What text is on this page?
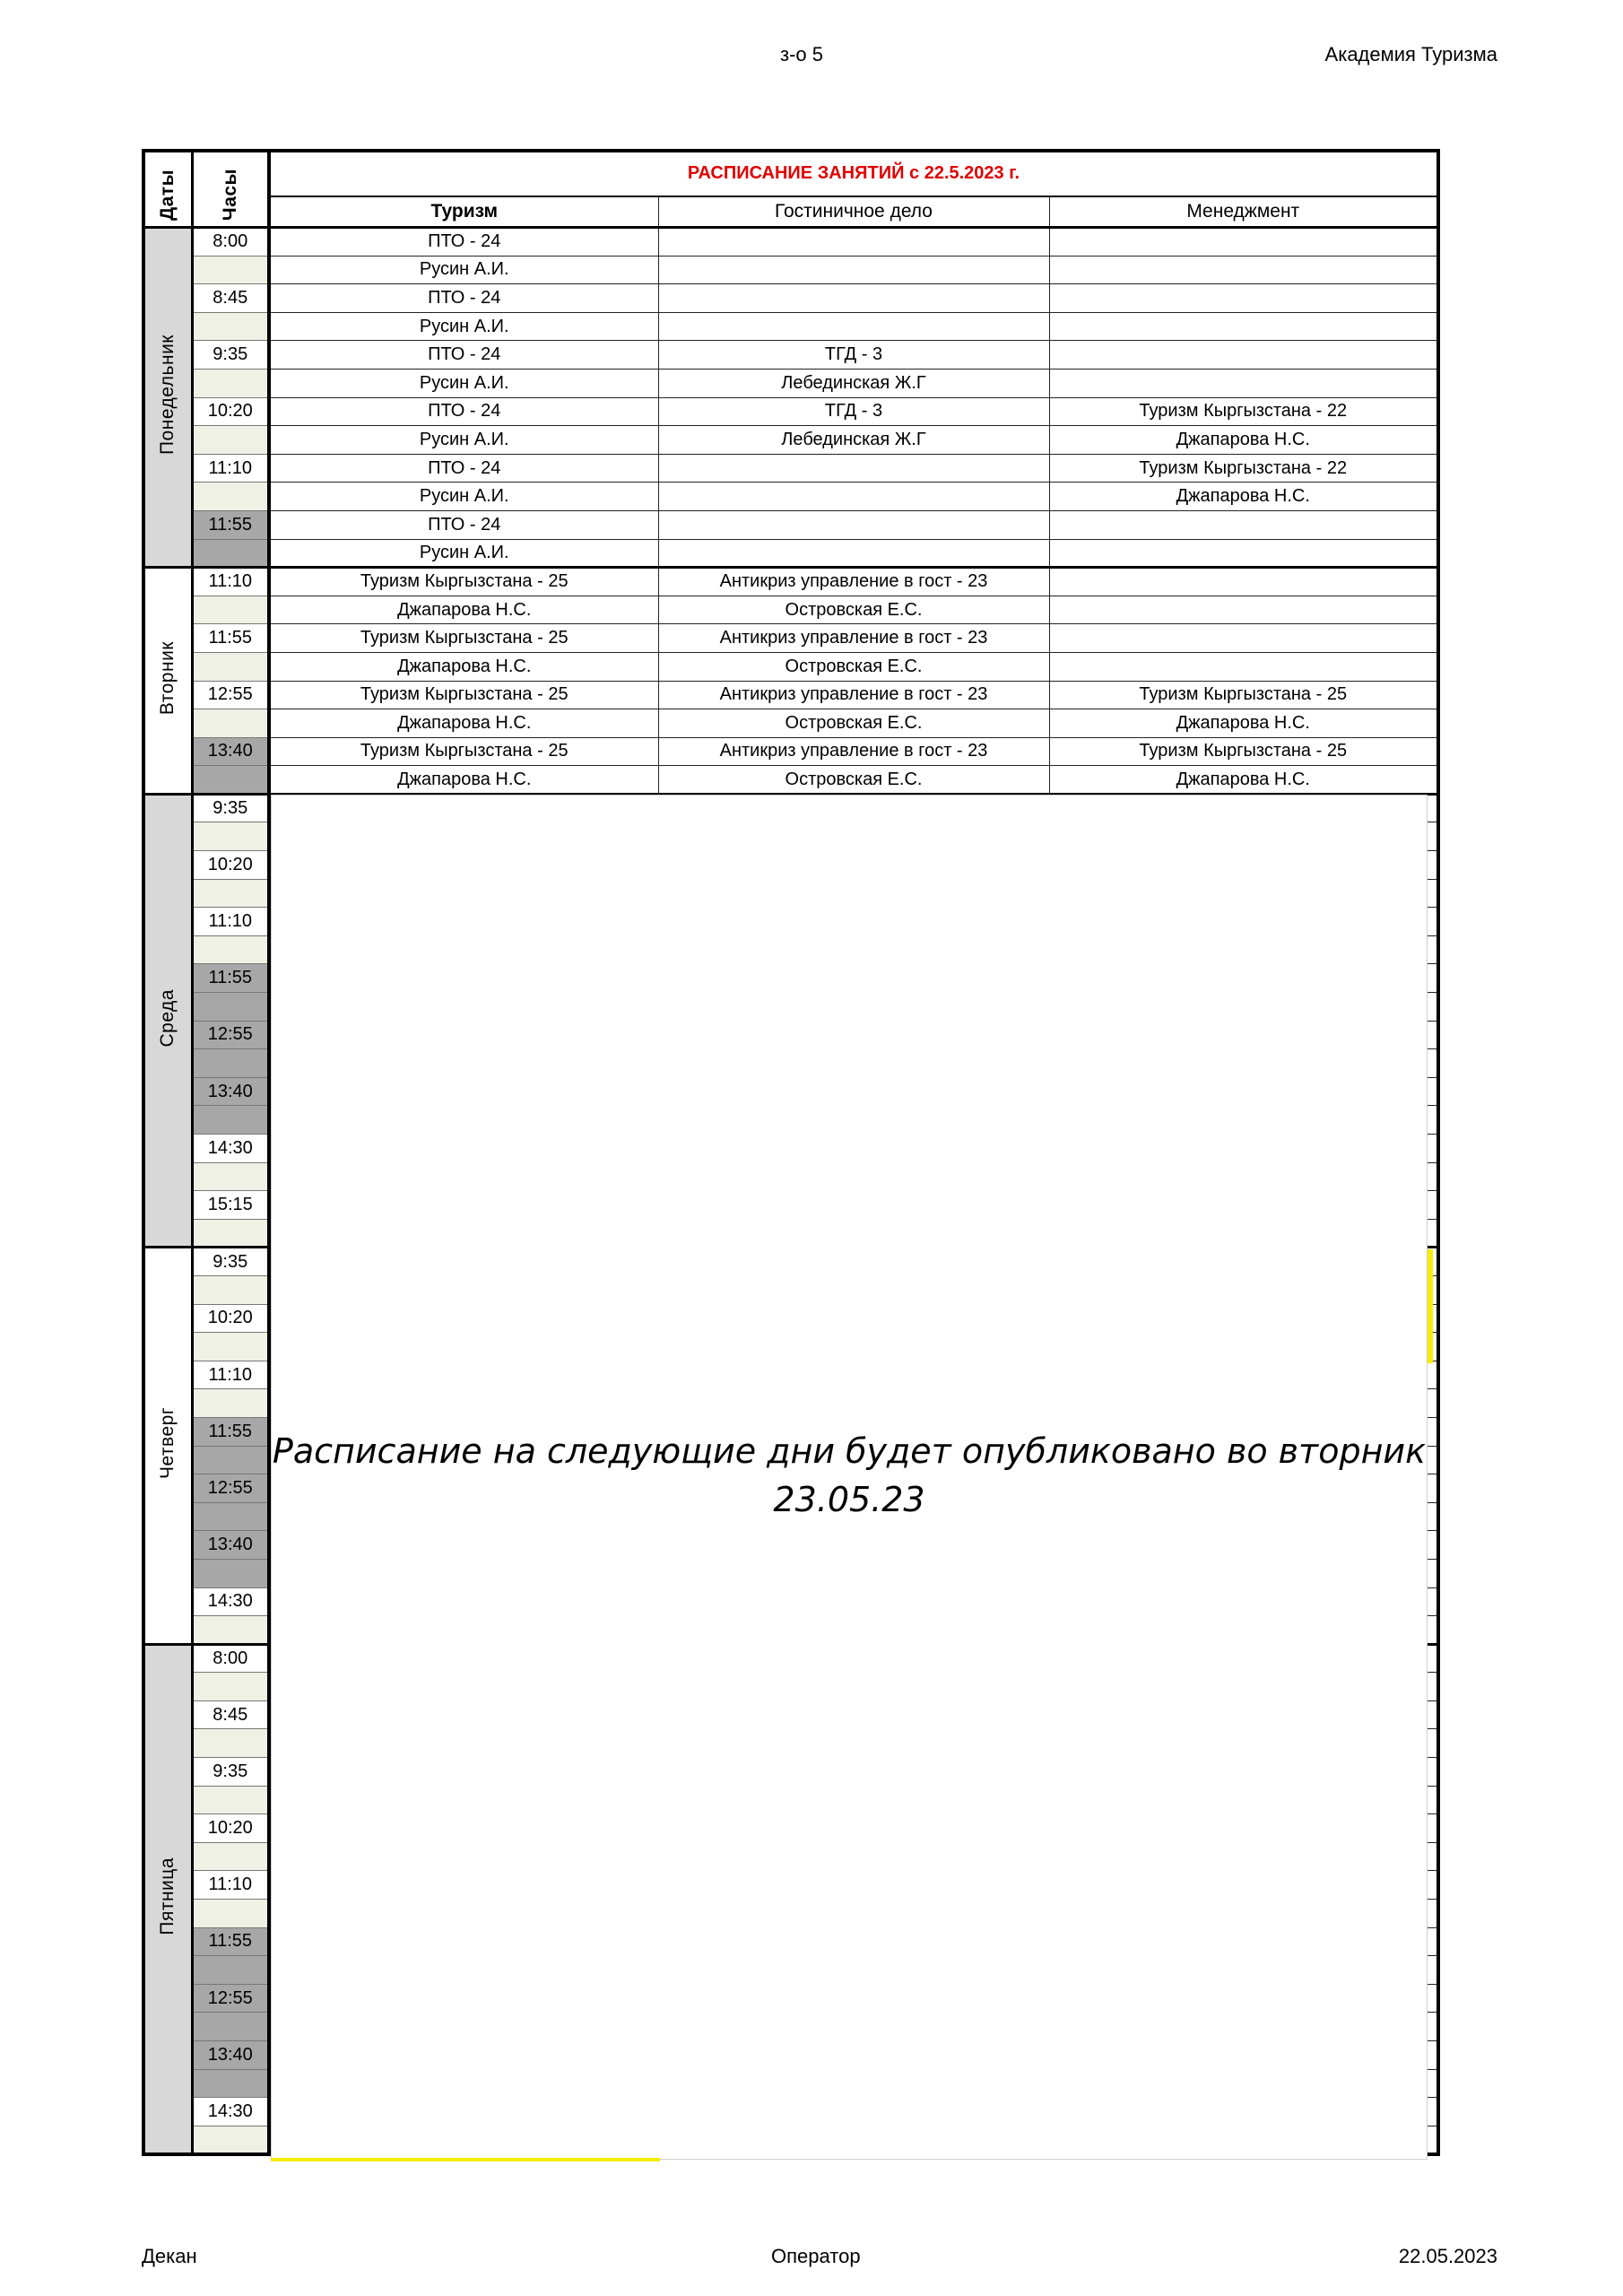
з-о 5	Академия Туризма
Даты	Часы	РАСПИСАНИЕ ЗАНЯТИЙ с 22.5.2023 г.		
		Туризм	Гостиничное дело	Менеджмент
Понедельник	8:00	ПТО - 24		
		Русин А.И.		
	8:45	ПТО - 24		
		Русин А.И.		
	9:35	ПТО - 24	ТГД - 3	
		Русин А.И.	Лебединская Ж.Г	
	10:20	ПТО - 24	ТГД - 3	Туризм Кыргызстана - 22
		Русин А.И.	Лебединская Ж.Г	Джапарова Н.С.
	11:10	ПТО - 24		Туризм Кыргызстана - 22
		Русин А.И.		Джапарова Н.С.
	11:55	ПТО - 24		
		Русин А.И.		
Вторник	11:10	Туризм Кыргызстана - 25	Антикриз управление в гост - 23	
		Джапарова Н.С.	Островская Е.С.	
	11:55	Туризм Кыргызстана - 25	Антикриз управление в гост - 23	
		Джапарова Н.С.	Островская Е.С.	
	12:55	Туризм Кыргызстана - 25	Антикриз управление в гост - 23	Туризм Кыргызстана - 25
		Джапарова Н.С.	Островская Е.С.	Джапарова Н.С.
	13:40	Туризм Кыргызстана - 25	Антикриз управление в гост - 23	Туризм Кыргызстана - 25
		Джапарова Н.С.	Островская Е.С.	Джапарова Н.С.
Среда	9:35			

	10:20			

	11:10			

	11:55			

	12:55			

	13:40			

	14:30			

	15:15			

Четверг	9:35			

	10:20			

	11:10			

	11:55			

	12:55			

	13:40			

	14:30			

Пятница	8:00			

	8:45			

	9:35			

	10:20			

	11:10			

	11:55			

	12:55			

	13:40			

	14:30			

Расписание на следующие дни будет опубликовано во вторник
23.05.23
Декан	Оператор	22.05.2023
